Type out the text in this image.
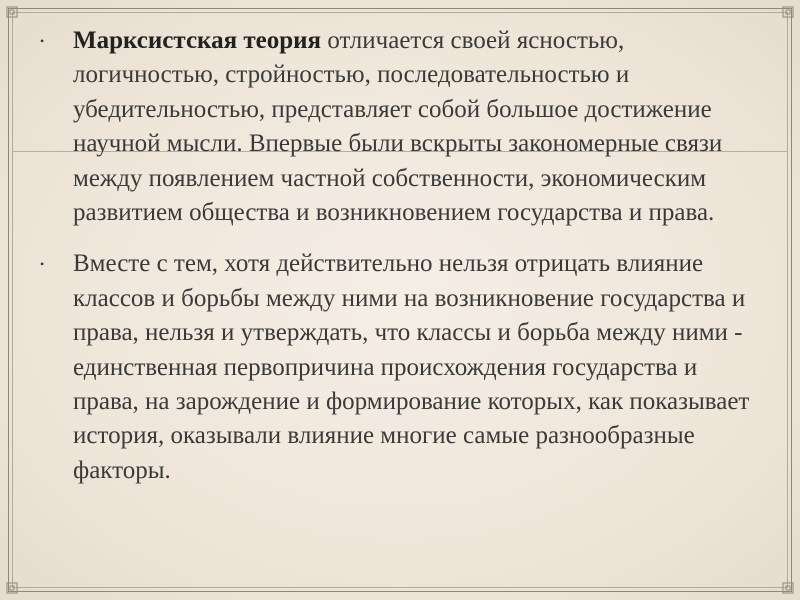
• Марксистская теория отличается своей ясностью, логичностью, стройностью, последовательностью и убедительностью, представляет собой большое достижение научной мысли. Впервые были вскрыты закономерные связи между появлением частной собственности, экономическим развитием общества и возникновением государства и права.
• Вместе с тем, хотя действительно нельзя отрицать влияние классов и борьбы между ними на возникновение государства и права, нельзя и утверждать, что классы и борьба между ними - единственная первопричина происхождения государства и права, на зарождение и формирование которых, как показывает история, оказывали влияние многие самые разнообразные факторы.
